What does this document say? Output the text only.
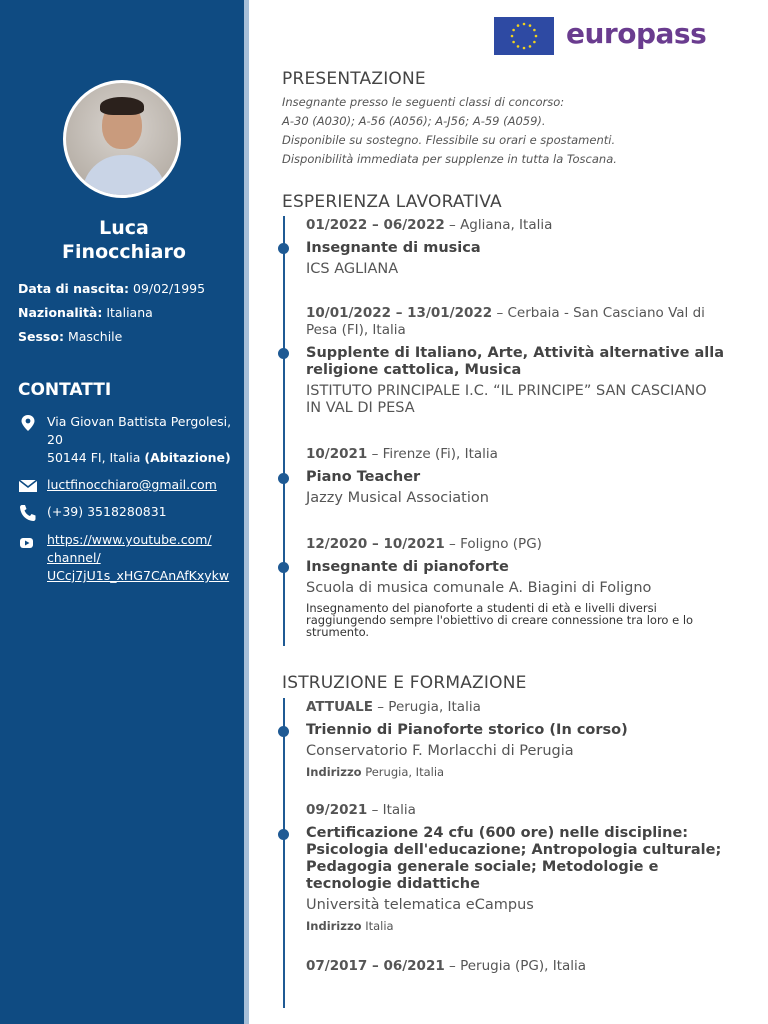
Luca
Finocchiaro
Data di nascita: 09/02/1995
Nazionalità: Italiana
Sesso: Maschile
CONTATTI
Via Giovan Battista Pergolesi,
20
50144 FI, Italia (Abitazione)
luctfinocchiaro@gmail.com
(+39) 3518280831
https://www.youtube.com/
channel/
UCcj7jU1s_xHG7CAnAfKxykw
europass
PRESENTAZIONE
Insegnante presso le seguenti classi di concorso:
A-30 (A030); A-56 (A056); A-J56; A-59 (A059).
Disponibile su sostegno. Flessibile su orari e spostamenti.
Disponibilità immediata per supplenze in tutta la Toscana.
ESPERIENZA LAVORATIVA
01/2022 – 06/2022 – Agliana, Italia
Insegnante di musica
ICS AGLIANA
10/01/2022 – 13/01/2022 – Cerbaia - San Casciano Val di Pesa (FI), Italia
Supplente di Italiano, Arte, Attività alternative alla religione cattolica, Musica
ISTITUTO PRINCIPALE I.C. “IL PRINCIPE” SAN CASCIANO IN VAL DI PESA
10/2021 – Firenze (Fi), Italia
Piano Teacher
Jazzy Musical Association
12/2020 – 10/2021 – Foligno (PG)
Insegnante di pianoforte
Scuola di musica comunale A. Biagini di Foligno
Insegnamento del pianoforte a studenti di età e livelli diversi raggiungendo sempre l'obiettivo di creare connessione tra loro e lo strumento.
ISTRUZIONE E FORMAZIONE
ATTUALE – Perugia, Italia
Triennio di Pianoforte storico (In corso)
Conservatorio F. Morlacchi di Perugia
Indirizzo Perugia, Italia
09/2021 – Italia
Certificazione 24 cfu (600 ore) nelle discipline: Psicologia dell'educazione; Antropologia culturale; Pedagogia generale sociale; Metodologie e tecnologie didattiche
Università telematica eCampus
Indirizzo Italia
07/2017 – 06/2021 – Perugia (PG), Italia
